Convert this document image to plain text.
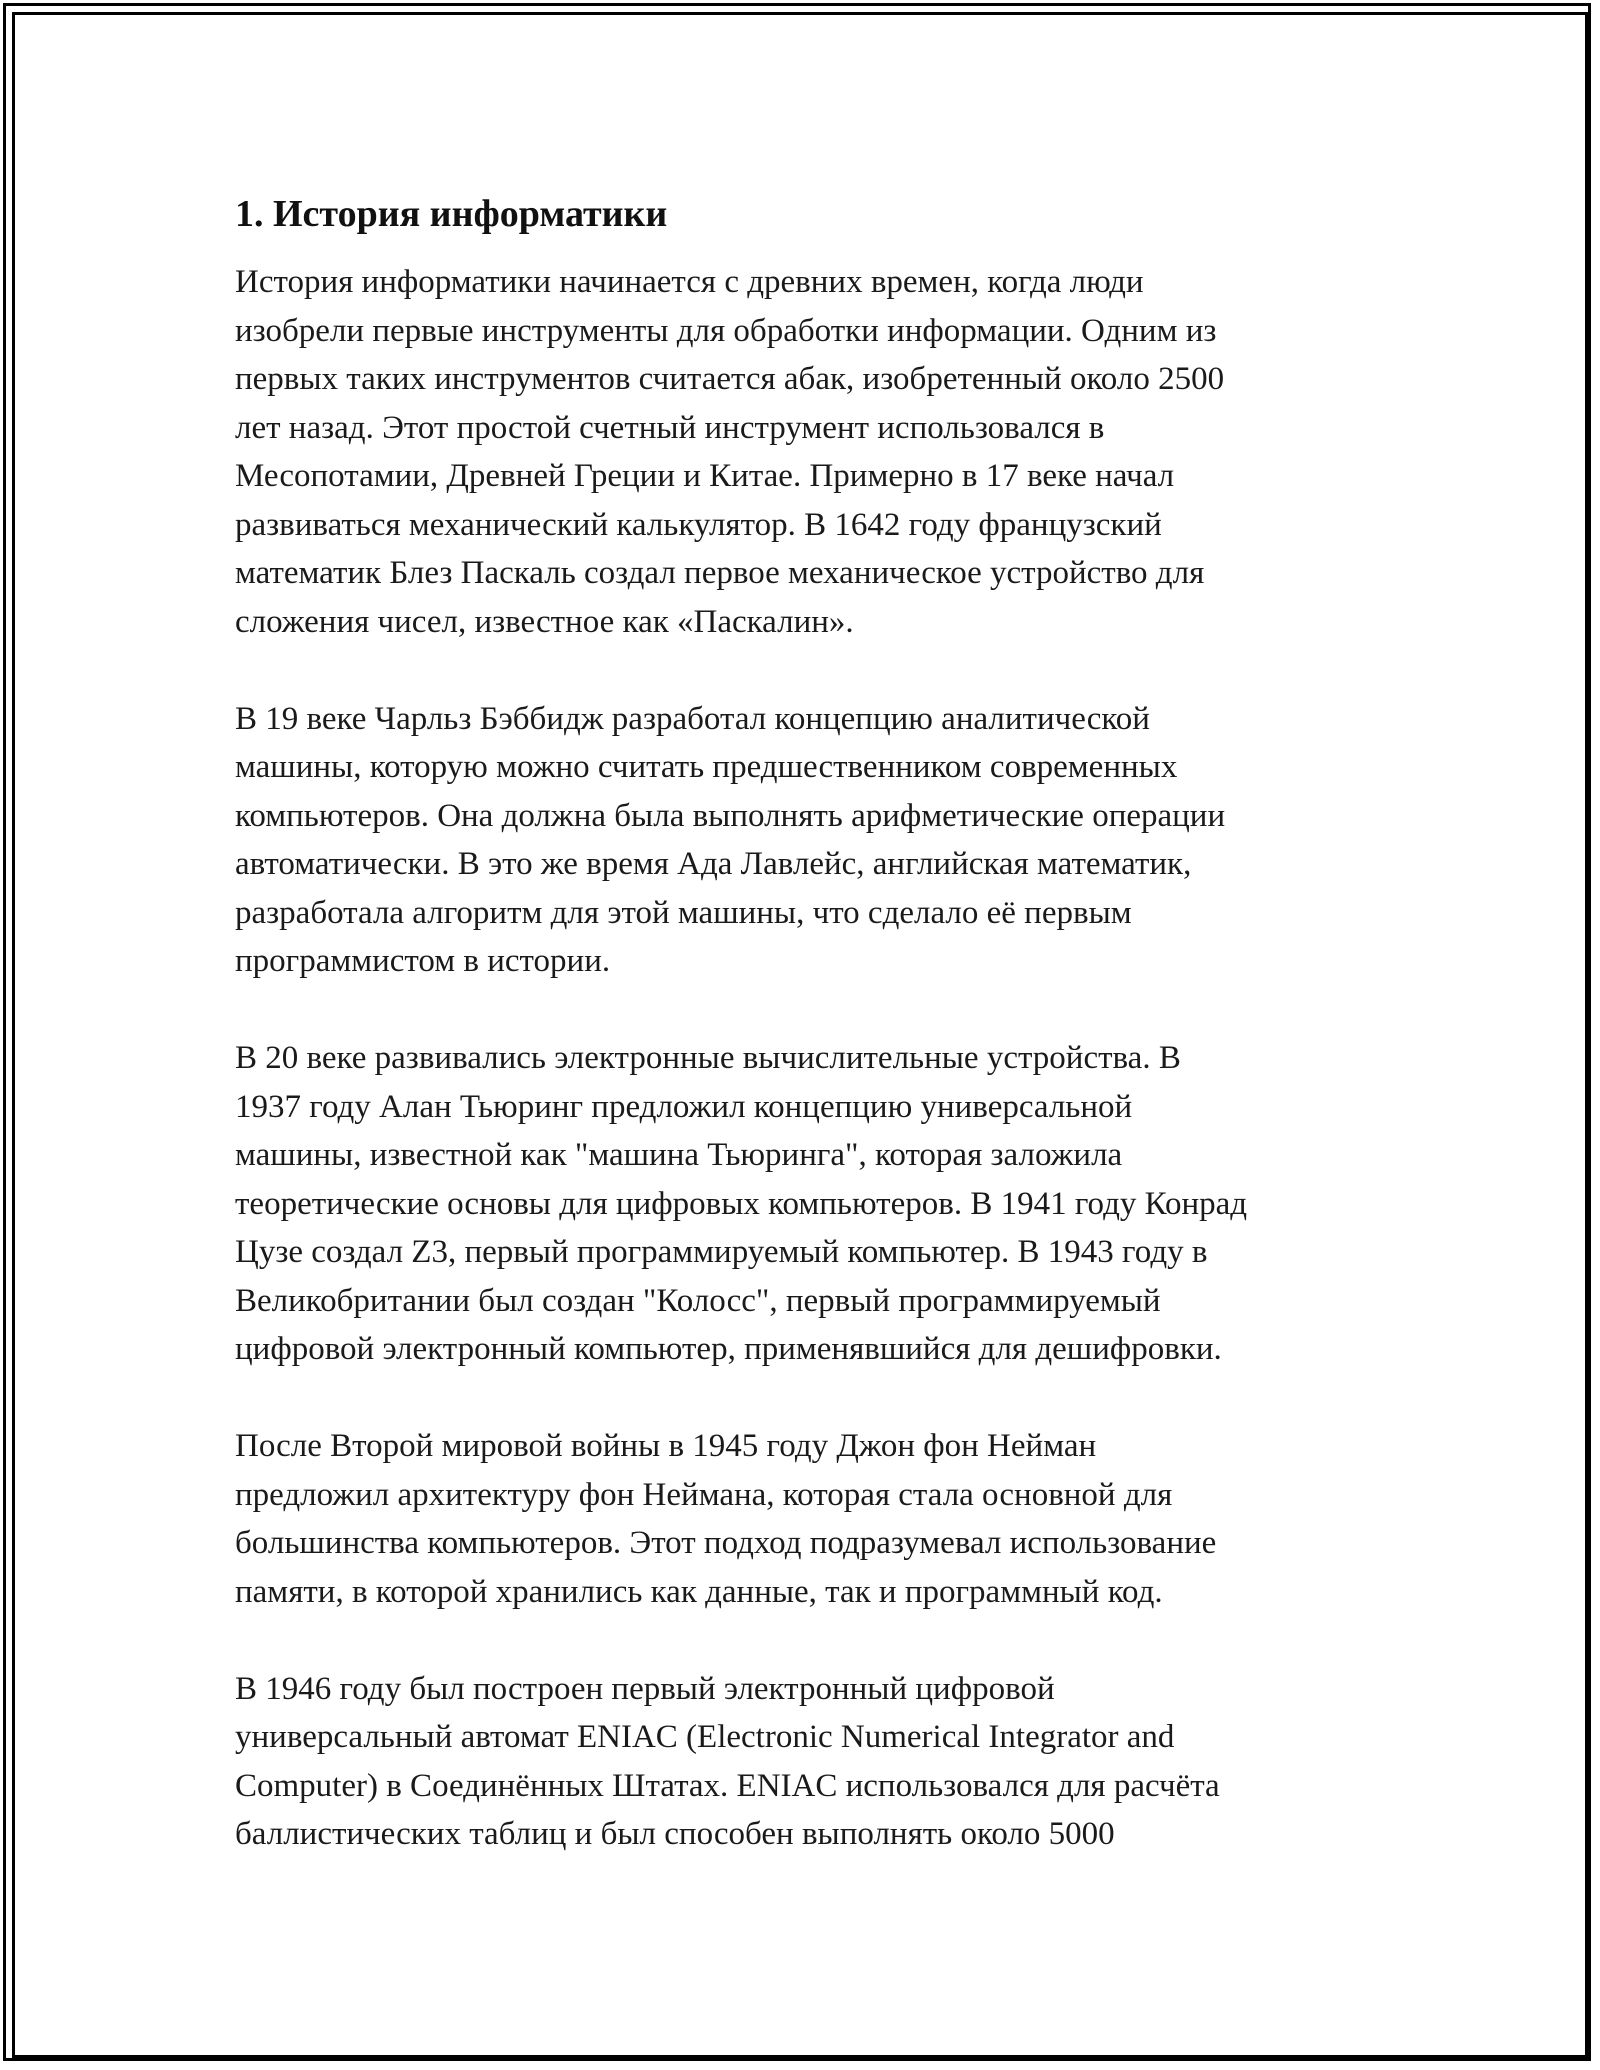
1. История информатики

История информатики начинается с древних времен, когда люди
изобрели первые инструменты для обработки информации. Одним из
первых таких инструментов считается абак, изобретенный около 2500
лет назад. Этот простой счетный инструмент использовался в
Месопотамии, Древней Греции и Китае. Примерно в 17 веке начал
развиваться механический калькулятор. В 1642 году французский
математик Блез Паскаль создал первое механическое устройство для
сложения чисел, известное как «Паскалин».

В 19 веке Чарльз Бэббидж разработал концепцию аналитической
машины, которую можно считать предшественником современных
компьютеров. Она должна была выполнять арифметические операции
автоматически. В это же время Ада Лавлейс, английская математик,
разработала алгоритм для этой машины, что сделало её первым
программистом в истории.

В 20 веке развивались электронные вычислительные устройства. В
1937 году Алан Тьюринг предложил концепцию универсальной
машины, известной как "машина Тьюринга", которая заложила
теоретические основы для цифровых компьютеров. В 1941 году Конрад
Цузе создал Z3, первый программируемый компьютер. В 1943 году в
Великобритании был создан "Колосс", первый программируемый
цифровой электронный компьютер, применявшийся для дешифровки.

После Второй мировой войны в 1945 году Джон фон Нейман
предложил архитектуру фон Неймана, которая стала основной для
большинства компьютеров. Этот подход подразумевал использование
памяти, в которой хранились как данные, так и программный код.

В 1946 году был построен первый электронный цифровой
универсальный автомат ENIAC (Electronic Numerical Integrator and
Computer) в Соединённых Штатах. ENIAC использовался для расчёта
баллистических таблиц и был способен выполнять около 5000
